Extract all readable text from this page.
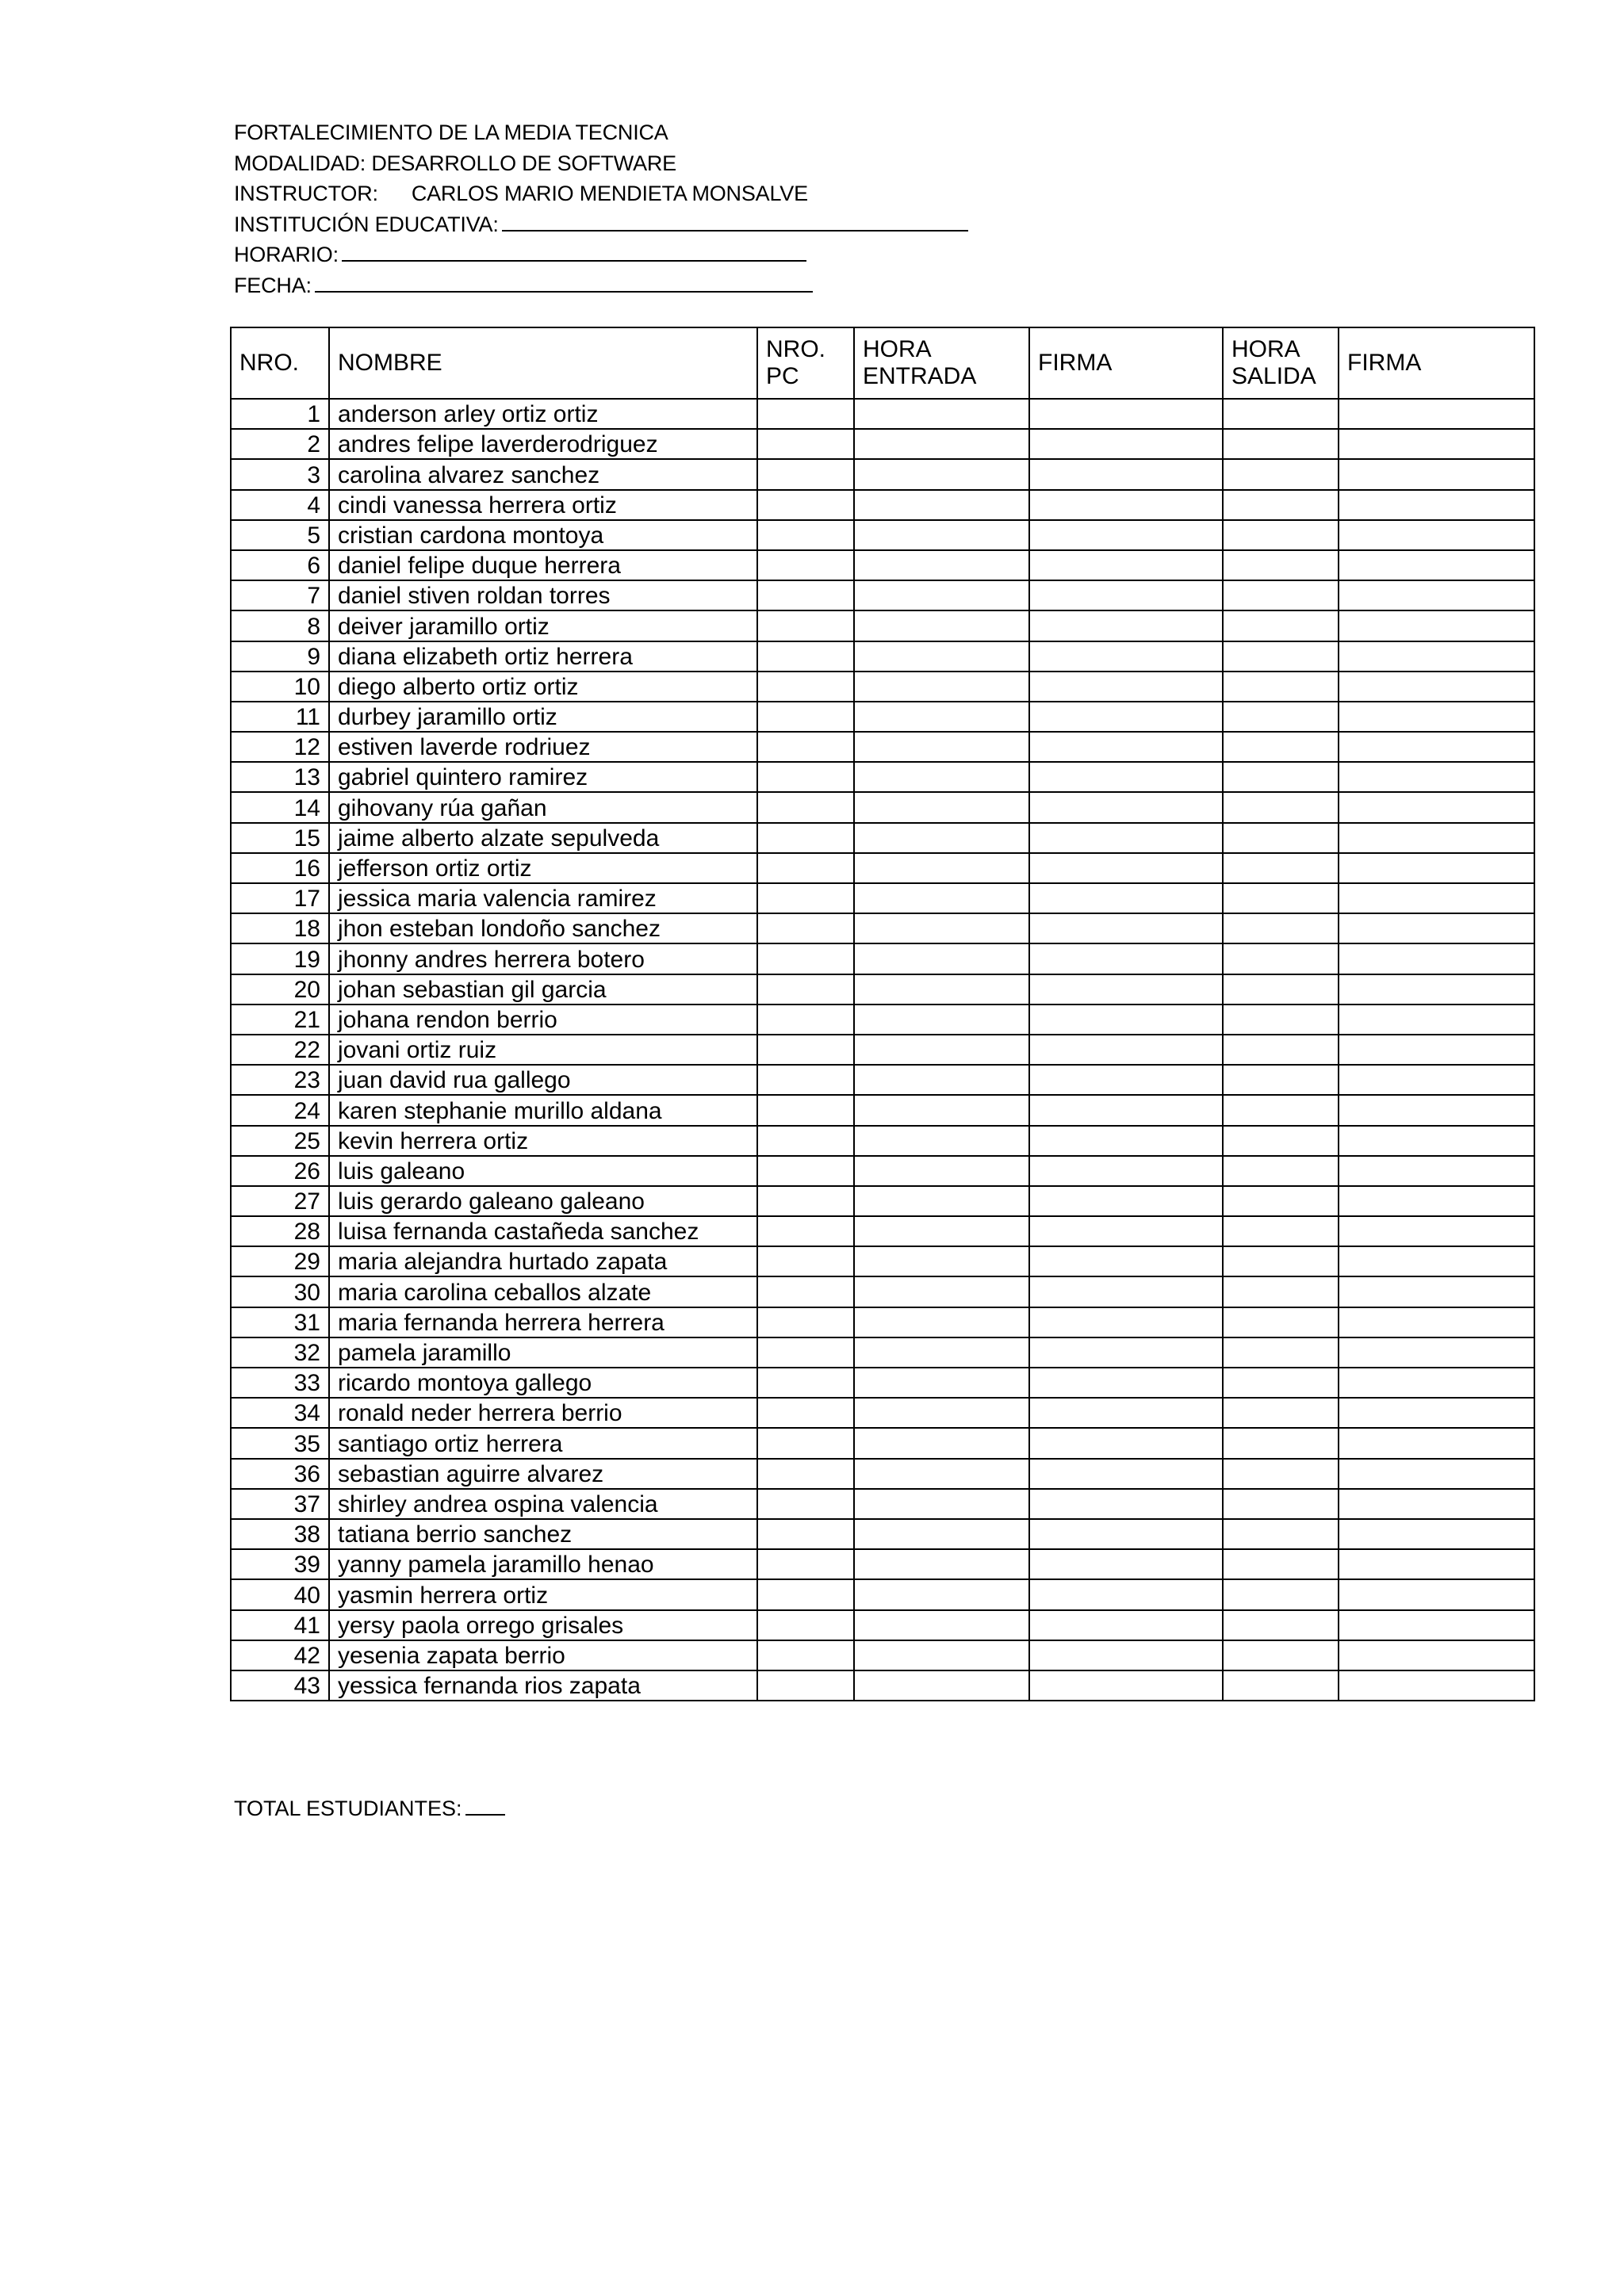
FORTALECIMIENTO DE LA MEDIA TECNICA
MODALIDAD: DESARROLLO DE SOFTWARE
INSTRUCTOR: CARLOS MARIO MENDIETA MONSALVE
INSTITUCIÓN EDUCATIVA:
HORARIO:
FECHA:
NRO.	NOMBRE	NRO. PC	HORA ENTRADA	FIRMA	HORA SALIDA	FIRMA
1	anderson arley ortiz ortiz					
2	andres felipe laverderodriguez					
3	carolina alvarez sanchez					
4	cindi vanessa herrera ortiz					
5	cristian cardona montoya					
6	daniel felipe duque herrera					
7	daniel stiven roldan torres					
8	deiver jaramillo ortiz					
9	diana elizabeth ortiz herrera					
10	diego alberto ortiz ortiz					
11	durbey jaramillo ortiz					
12	estiven laverde rodriuez					
13	gabriel quintero ramirez					
14	gihovany rúa gañan					
15	jaime alberto alzate sepulveda					
16	jefferson ortiz ortiz					
17	jessica maria valencia ramirez					
18	jhon esteban londoño sanchez					
19	jhonny andres herrera botero					
20	johan sebastian gil garcia					
21	johana rendon berrio					
22	jovani ortiz ruiz					
23	juan david rua gallego					
24	karen stephanie murillo aldana					
25	kevin herrera ortiz					
26	luis galeano					
27	luis gerardo galeano galeano					
28	luisa fernanda castañeda sanchez					
29	maria alejandra hurtado zapata					
30	maria carolina ceballos alzate					
31	maria fernanda herrera herrera					
32	pamela jaramillo					
33	ricardo montoya gallego					
34	ronald neder herrera berrio					
35	santiago ortiz herrera					
36	sebastian aguirre alvarez					
37	shirley andrea ospina valencia					
38	tatiana berrio sanchez					
39	yanny pamela jaramillo henao					
40	yasmin herrera ortiz					
41	yersy paola orrego grisales					
42	yesenia zapata berrio					
43	yessica fernanda rios zapata					
TOTAL ESTUDIANTES:
